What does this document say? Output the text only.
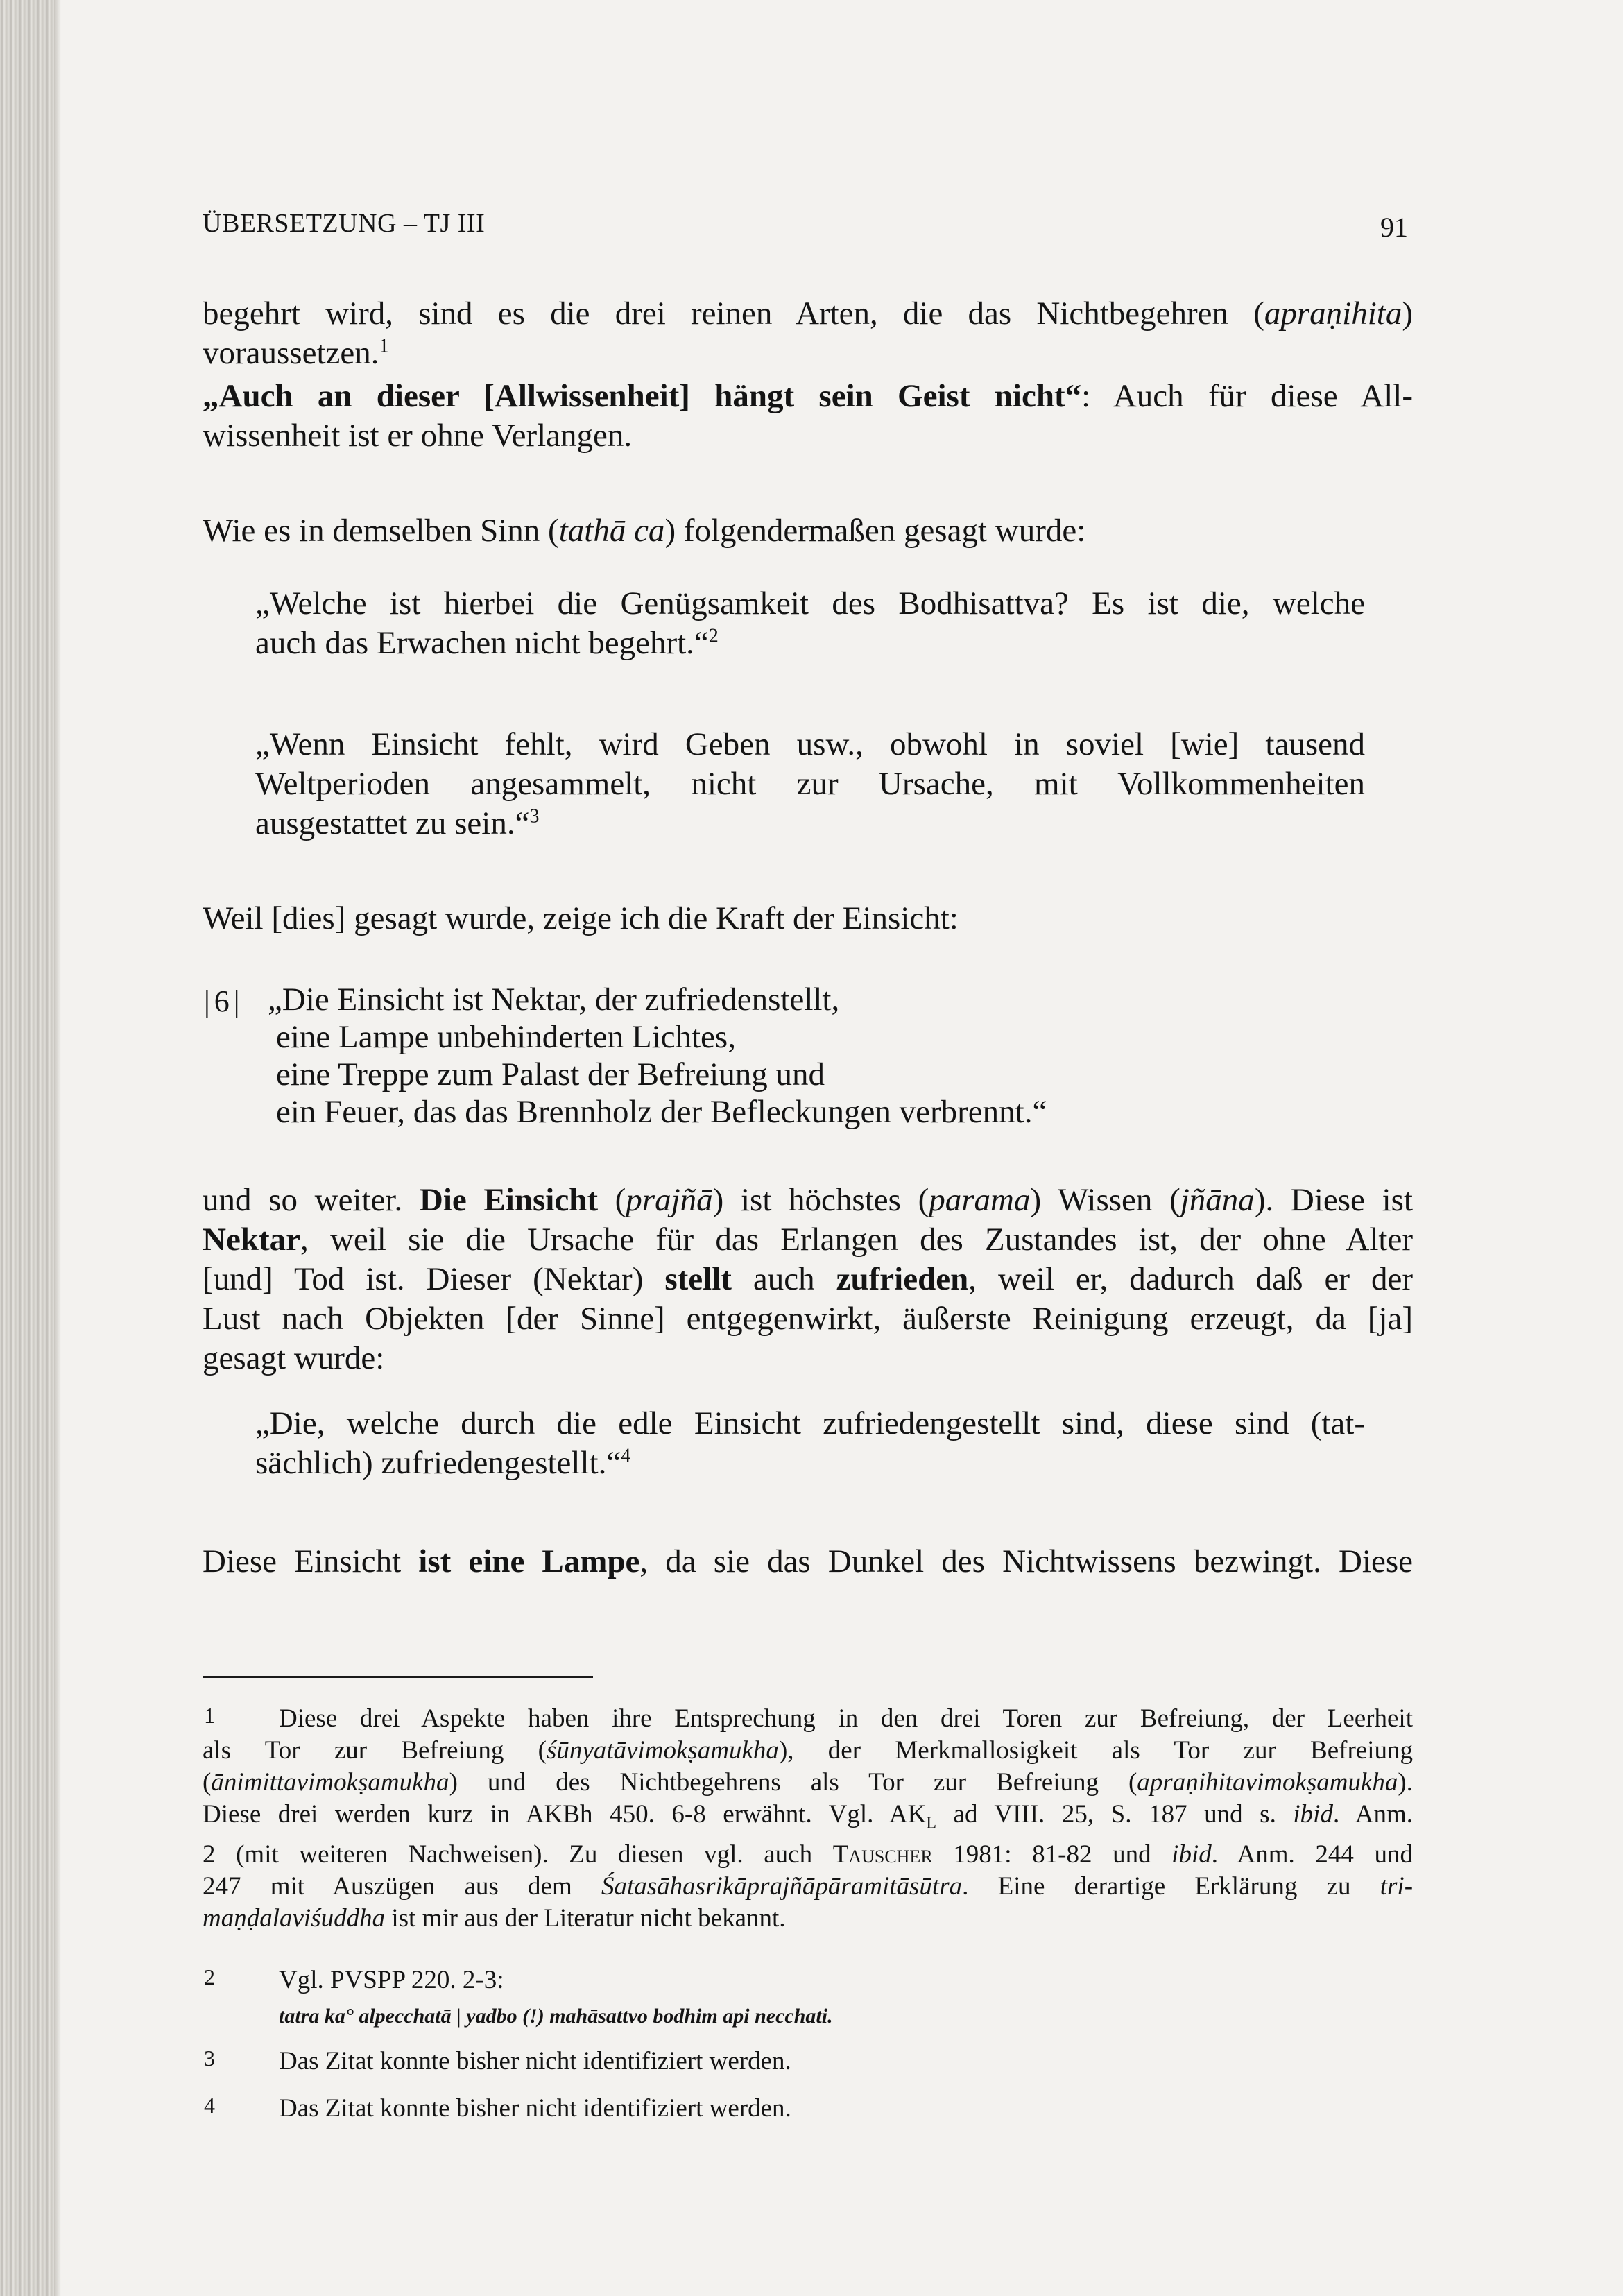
ÜBERSETZUNG – TJ III	91

begehrt wird, sind es die drei reinen Arten, die das Nichtbegehren (apraṇihita)

voraussetzen.$^1$

„Auch an dieser [Allwissenheit] hängt sein Geist nicht“: Auch für diese All-

wissenheit ist er ohne Verlangen.

Wie es in demselben Sinn (tathā ca) folgendermaßen gesagt wurde:

„Welche ist hierbei die Genügsamkeit des Bodhisattva? Es ist die, welche

auch das Erwachen nicht begehrt.“$^2$

„Wenn Einsicht fehlt, wird Geben usw., obwohl in soviel [wie] tausend

Weltperioden angesammelt, nicht zur Ursache, mit Vollkommenheiten

ausgestattet zu sein.“$^3$

Weil [dies] gesagt wurde, zeige ich die Kraft der Einsicht:

|6| „Die Einsicht ist Nektar, der zufriedenstellt,
eine Lampe unbehinderten Lichtes,
eine Treppe zum Palast der Befreiung und
ein Feuer, das das Brennholz der Befleckungen verbrennt.“

und so weiter. Die Einsicht (prajñā) ist höchstes (parama) Wissen (jñāna). Diese ist

Nektar, weil sie die Ursache für das Erlangen des Zustandes ist, der ohne Alter

[und] Tod ist. Dieser (Nektar) stellt auch zufrieden, weil er, dadurch daß er der

Lust nach Objekten [der Sinne] entgegenwirkt, äußerste Reinigung erzeugt, da [ja]

gesagt wurde:

„Die, welche durch die edle Einsicht zufriedengestellt sind, diese sind (tat-

sächlich) zufriedengestellt.“$^4$

Diese Einsicht ist eine Lampe, da sie das Dunkel des Nichtwissens bezwingt. Diese

1	Diese drei Aspekte haben ihre Entsprechung in den drei Toren zur Befreiung, der Leerheit

als Tor zur Befreiung (śūnyatāvimokṣamukha), der Merkmallosigkeit als Tor zur Befreiung

(ānimittavimokṣamukha) und des Nichtbegehrens als Tor zur Befreiung (apraṇihitavimokṣamukha).

Diese drei werden kurz in AKBh 450. 6-8 erwähnt. Vgl. $AK_L$ ad VIII. 25, S. 187 und s. ibid. Anm.

2 (mit weiteren Nachweisen). Zu diesen vgl. auch Tauscher 1981: 81-82 und ibid. Anm. 244 und

247 mit Auszügen aus dem Śatasāhasrikāprajñāpāramitāsūtra. Eine derartige Erklärung zu tri-

maṇḍalaviśuddha ist mir aus der Literatur nicht bekannt.

2 Vgl. PVSPP 220. 2-3:

tatra ka° alpecchatā | yadbo (!) mahāsattvo bodhim api necchati.

3 Das Zitat konnte bisher nicht identifiziert werden.

4 Das Zitat konnte bisher nicht identifiziert werden.
